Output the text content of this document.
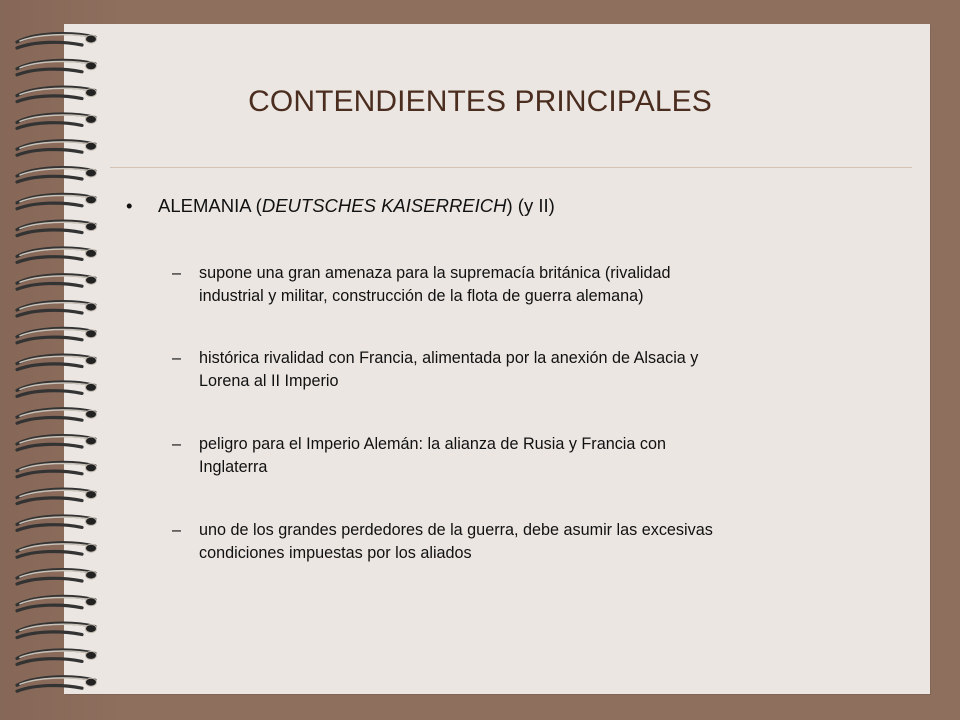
CONTENDIENTES PRINCIPALES
•	ALEMANIA (DEUTSCHES KAISERREICH) (y II)
–	supone una gran amenaza para la supremacía británica (rivalidad
industrial y militar, construcción de la flota de guerra alemana)
–	histórica rivalidad con Francia, alimentada por la anexión de Alsacia y
Lorena al II Imperio
–	peligro para el Imperio Alemán: la alianza de Rusia y Francia con
Inglaterra
–	uno de los grandes perdedores de la guerra, debe asumir las excesivas
condiciones impuestas por los aliados
